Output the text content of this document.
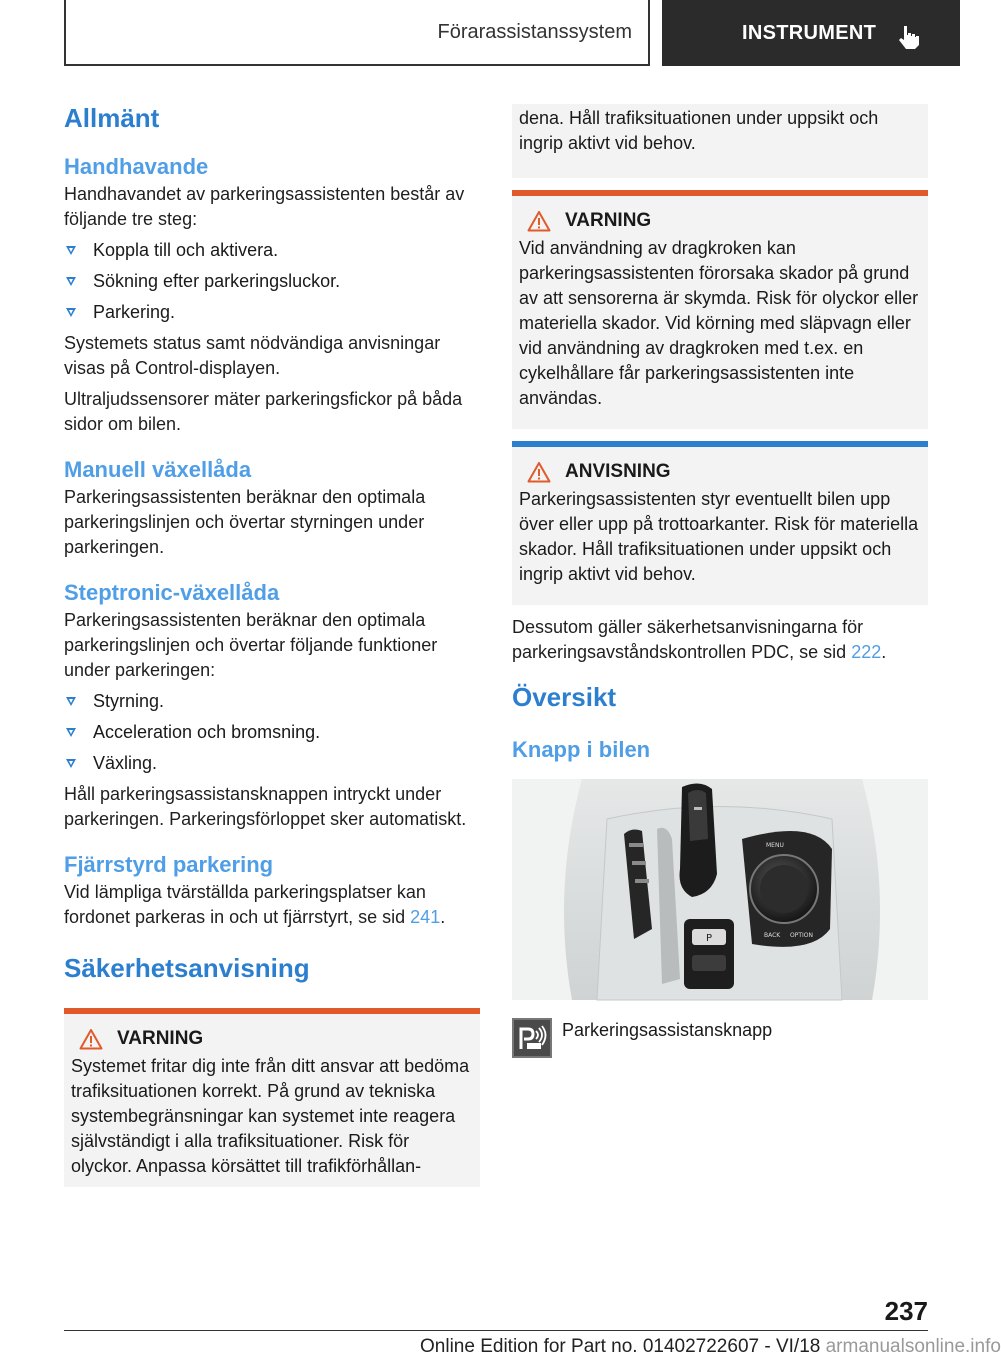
Förarassistanssystem	INSTRUMENT
Allmänt
Handhavande

Handhavandet av parkeringsassistenten består av följande tre steg:

Koppla till och aktivera.
Sökning efter parkeringsluckor.
Parkering.

Systemets status samt nödvändiga anvisningar visas på Control-displayen.

Ultraljudssensorer mäter parkeringsfickor på båda sidor om bilen.

Manuell växellåda

Parkeringsassistenten beräknar den optimala parkeringslinjen och övertar styrningen under parkeringen.

Steptronic-växellåda

Parkeringsassistenten beräknar den optimala parkeringslinjen och övertar följande funktioner under parkeringen:

Styrning.
Acceleration och bromsning.
Växling.

Håll parkeringsassistansknappen intryckt under parkeringen. Parkeringsförloppet sker automatiskt.

Fjärrstyrd parkering

Vid lämpliga tvärställda parkeringsplatser kan fordonet parkeras in och ut fjärrstyrt, se sid 241.

Säkerhetsanvisning
VARNING

Systemet fritar dig inte från ditt ansvar att bedöma trafiksituationen korrekt. På grund av tekniska systembegränsningar kan systemet inte reagera självständigt i alla trafiksituationer. Risk för olyckor. Anpassa körsättet till trafikförhållan-

dena. Håll trafiksituationen under uppsikt och ingrip aktivt vid behov.

VARNING

Vid användning av dragkroken kan parkeringsassistenten förorsaka skador på grund av att sensorerna är skymda. Risk för olyckor eller materiella skador. Vid körning med släpvagn eller vid användning av dragkroken med t.ex. en cykelhållare får parkeringsassistenten inte användas.

ANVISNING

Parkeringsassistenten styr eventuellt bilen upp över eller upp på trottoarkanter. Risk för materiella skador. Håll trafiksituationen under uppsikt och ingrip aktivt vid behov.

Dessutom gäller säkerhetsanvisningarna för parkeringsavståndskontrollen PDC, se sid 222.

Översikt
Knapp i bilen
P
MENU
BACK OPTION
Parkeringsassistansknapp
237
Online Edition for Part no. 01402722607 - VI/18 armanualsonline.info
